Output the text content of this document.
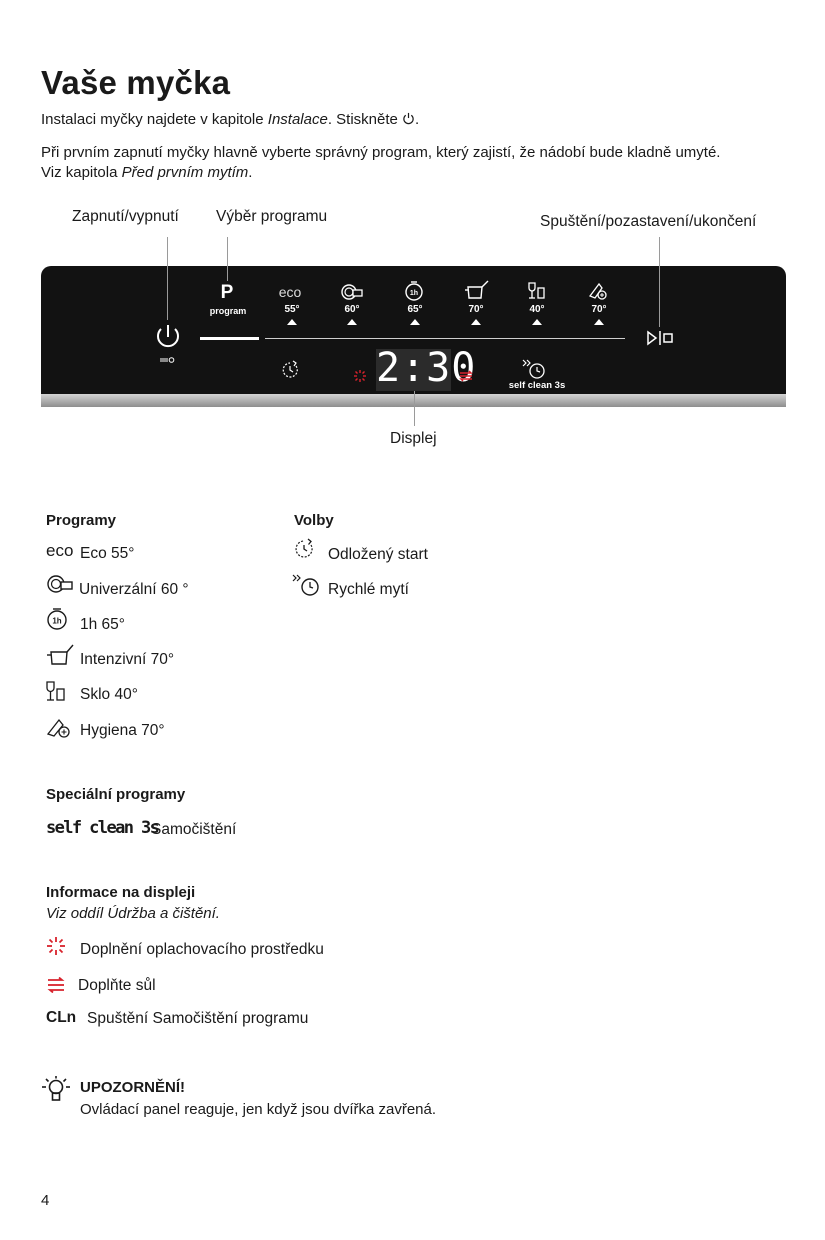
Vaše myčka
Instalaci myčky najdete v kapitole Instalace. Stiskněte .
Při prvním zapnutí myčky hlavně vyberte správný program, který zajistí, že nádobí bude kladně umyté.
Viz kapitola Před prvním mytím.
Zapnutí/vypnutí Výběr programu	Spuštění/pozastavení/ukončení
Displej
P
program
eco	1h
55°	60°	65°	70°	40°	70°
2:30	self clean 3s
Programy
eco Eco 55°
Univerzální 60 °
1h 1h 65°
Intenzivní 70°
Sklo 40°
Hygiena 70°
Volby
Odložený start
Rychlé mytí
Speciální programy
self clean 3s
Samočištění
Informace na displeji
Viz oddíl Údržba a čištění.
Doplnění oplachovacího prostředku
Doplňte sůl
CLn Spuštění Samočištění programu
UPOZORNĚNÍ!
Ovládací panel reaguje, jen když jsou dvířka zavřená.
4
